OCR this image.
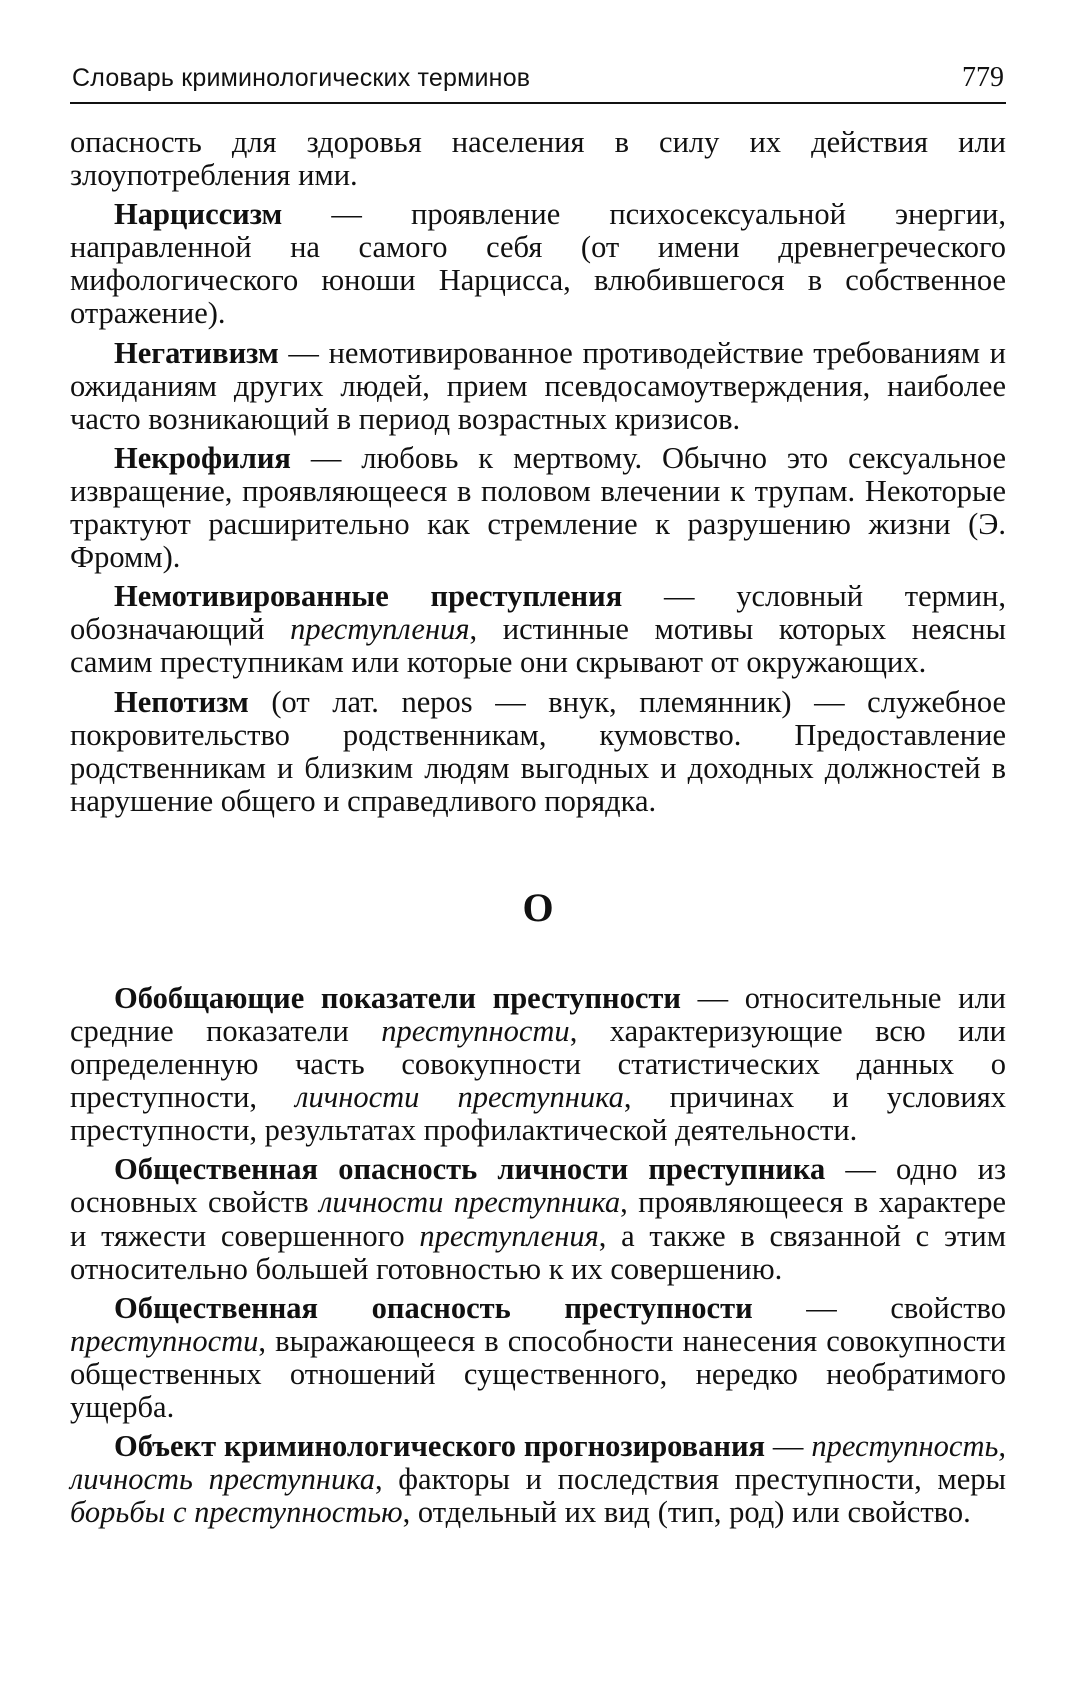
Словарь криминологических терминов	779

опасность для здоровья населения в силу их действия или злоупотребления ими.

Нарциссизм — проявление психосексуальной энергии, направленной на самого себя (от имени древнегреческого мифологического юноши Нарцисса, влюбившегося в собственное отражение).

Негативизм — немотивированное противодействие требованиям и ожиданиям других людей, прием псевдосамоутверждения, наиболее часто возникающий в период возрастных кризисов.

Некрофилия — любовь к мертвому. Обычно это сексуальное извращение, проявляющееся в половом влечении к трупам. Некоторые трактуют расширительно как стремление к разрушению жизни (Э. Фромм).

Немотивированные преступления — условный термин, обозначающий преступления, истинные мотивы которых неясны самим преступникам или которые они скрывают от окружающих.

Непотизм (от лат. nepos — внук, племянник) — служебное покровительство родственникам, кумовство. Предоставление родственникам и близким людям выгодных и доходных должностей в нарушение общего и справедливого порядка.

О

Обобщающие показатели преступности — относительные или средние показатели преступности, характеризующие всю или определенную часть совокупности статистических данных о преступности, личности преступника, причинах и условиях преступности, результатах профилактической деятельности.

Общественная опасность личности преступника — одно из основных свойств личности преступника, проявляющееся в характере и тяжести совершенного преступления, а также в связанной с этим относительно большей готовностью к их совершению.

Общественная опасность преступности — свойство преступности, выражающееся в способности нанесения совокупности общественных отношений существенного, нередко необратимого ущерба.

Объект криминологического прогнозирования — преступность, личность преступника, факторы и последствия преступности, меры борьбы с преступностью, отдельный их вид (тип, род) или свойство.
